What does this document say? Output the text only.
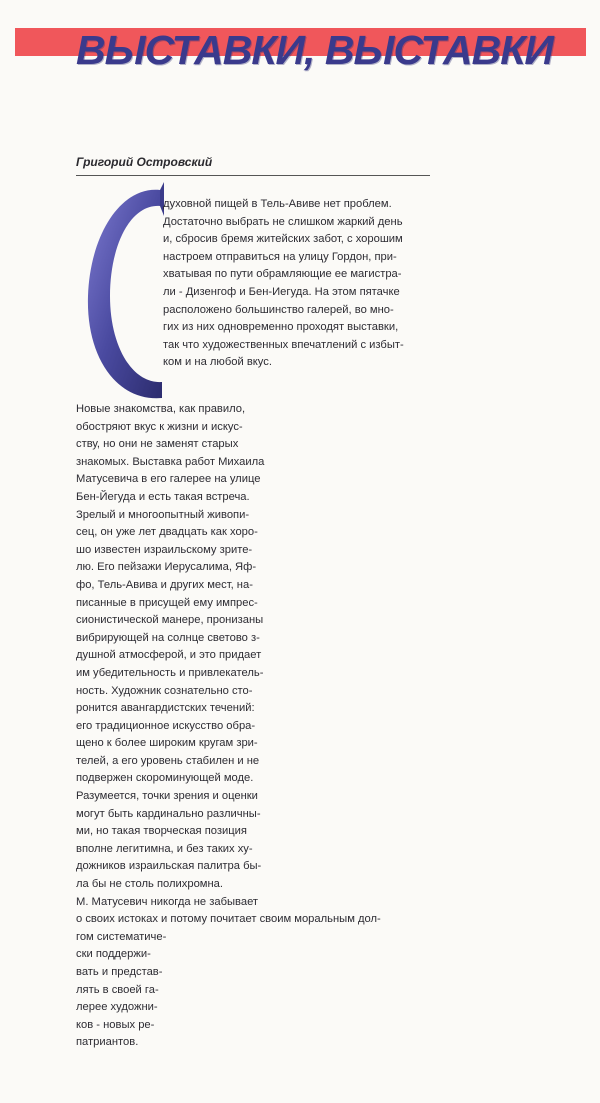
ВЫСТАВКИ, ВЫСТАВКИ
Григорий Островский
духовной пищей в Тель-Авиве нет проблем.
Достаточно выбрать не слишком жаркий день
и, сбросив бремя житейских забот, с хорошим
настроем отправиться на улицу Гордон, при-
хватывая по пути обрамляющие ее магистра-
ли - Дизенгоф и Бен-Иегуда. На этом пятачке
расположено большинство галерей, во мно-
гих из них одновременно проходят выставки,
так что художественных впечатлений с избыт-
ком и на любой вкус.
Новые знакомства, как правило,
обостряют вкус к жизни и искус-
ству, но они не заменят старых
знакомых. Выставка работ Михаила
Матусевича в его галерее на улице
Бен-Йегуда и есть такая встреча.
Зрелый и многоопытный живопи-
сец, он уже лет двадцать как хоро-
шо известен израильскому зрите-
лю. Его пейзажи Иерусалима, Яф-
фо, Тель-Авива и других мест, на-
писанные в присущей ему импрес-
сионистической манере, пронизаны
вибрирующей на солнце светово з-
душной атмосферой, и это придает
им убедительность и привлекатель-
ность. Художник сознательно сто-
ронится авангардистских течений:
его традиционное искусство обра-
щено к более широким кругам зри-
телей, а его уровень стабилен и не
подвержен скороминующей моде.
Разумеется, точки зрения и оценки
могут быть кардинально различны-
ми, но такая творческая позиция
вполне легитимна, и без таких ху-
дожников израильская палитра бы-
ла бы не столь полихромна.
М. Матусевич никогда не забывает
о своих истоках и потому почитает своим моральным дол-
гом систематиче-
ски поддержи-
вать и представ-
лять в своей га-
лерее художни-
ков - новых ре-
патриантов.
